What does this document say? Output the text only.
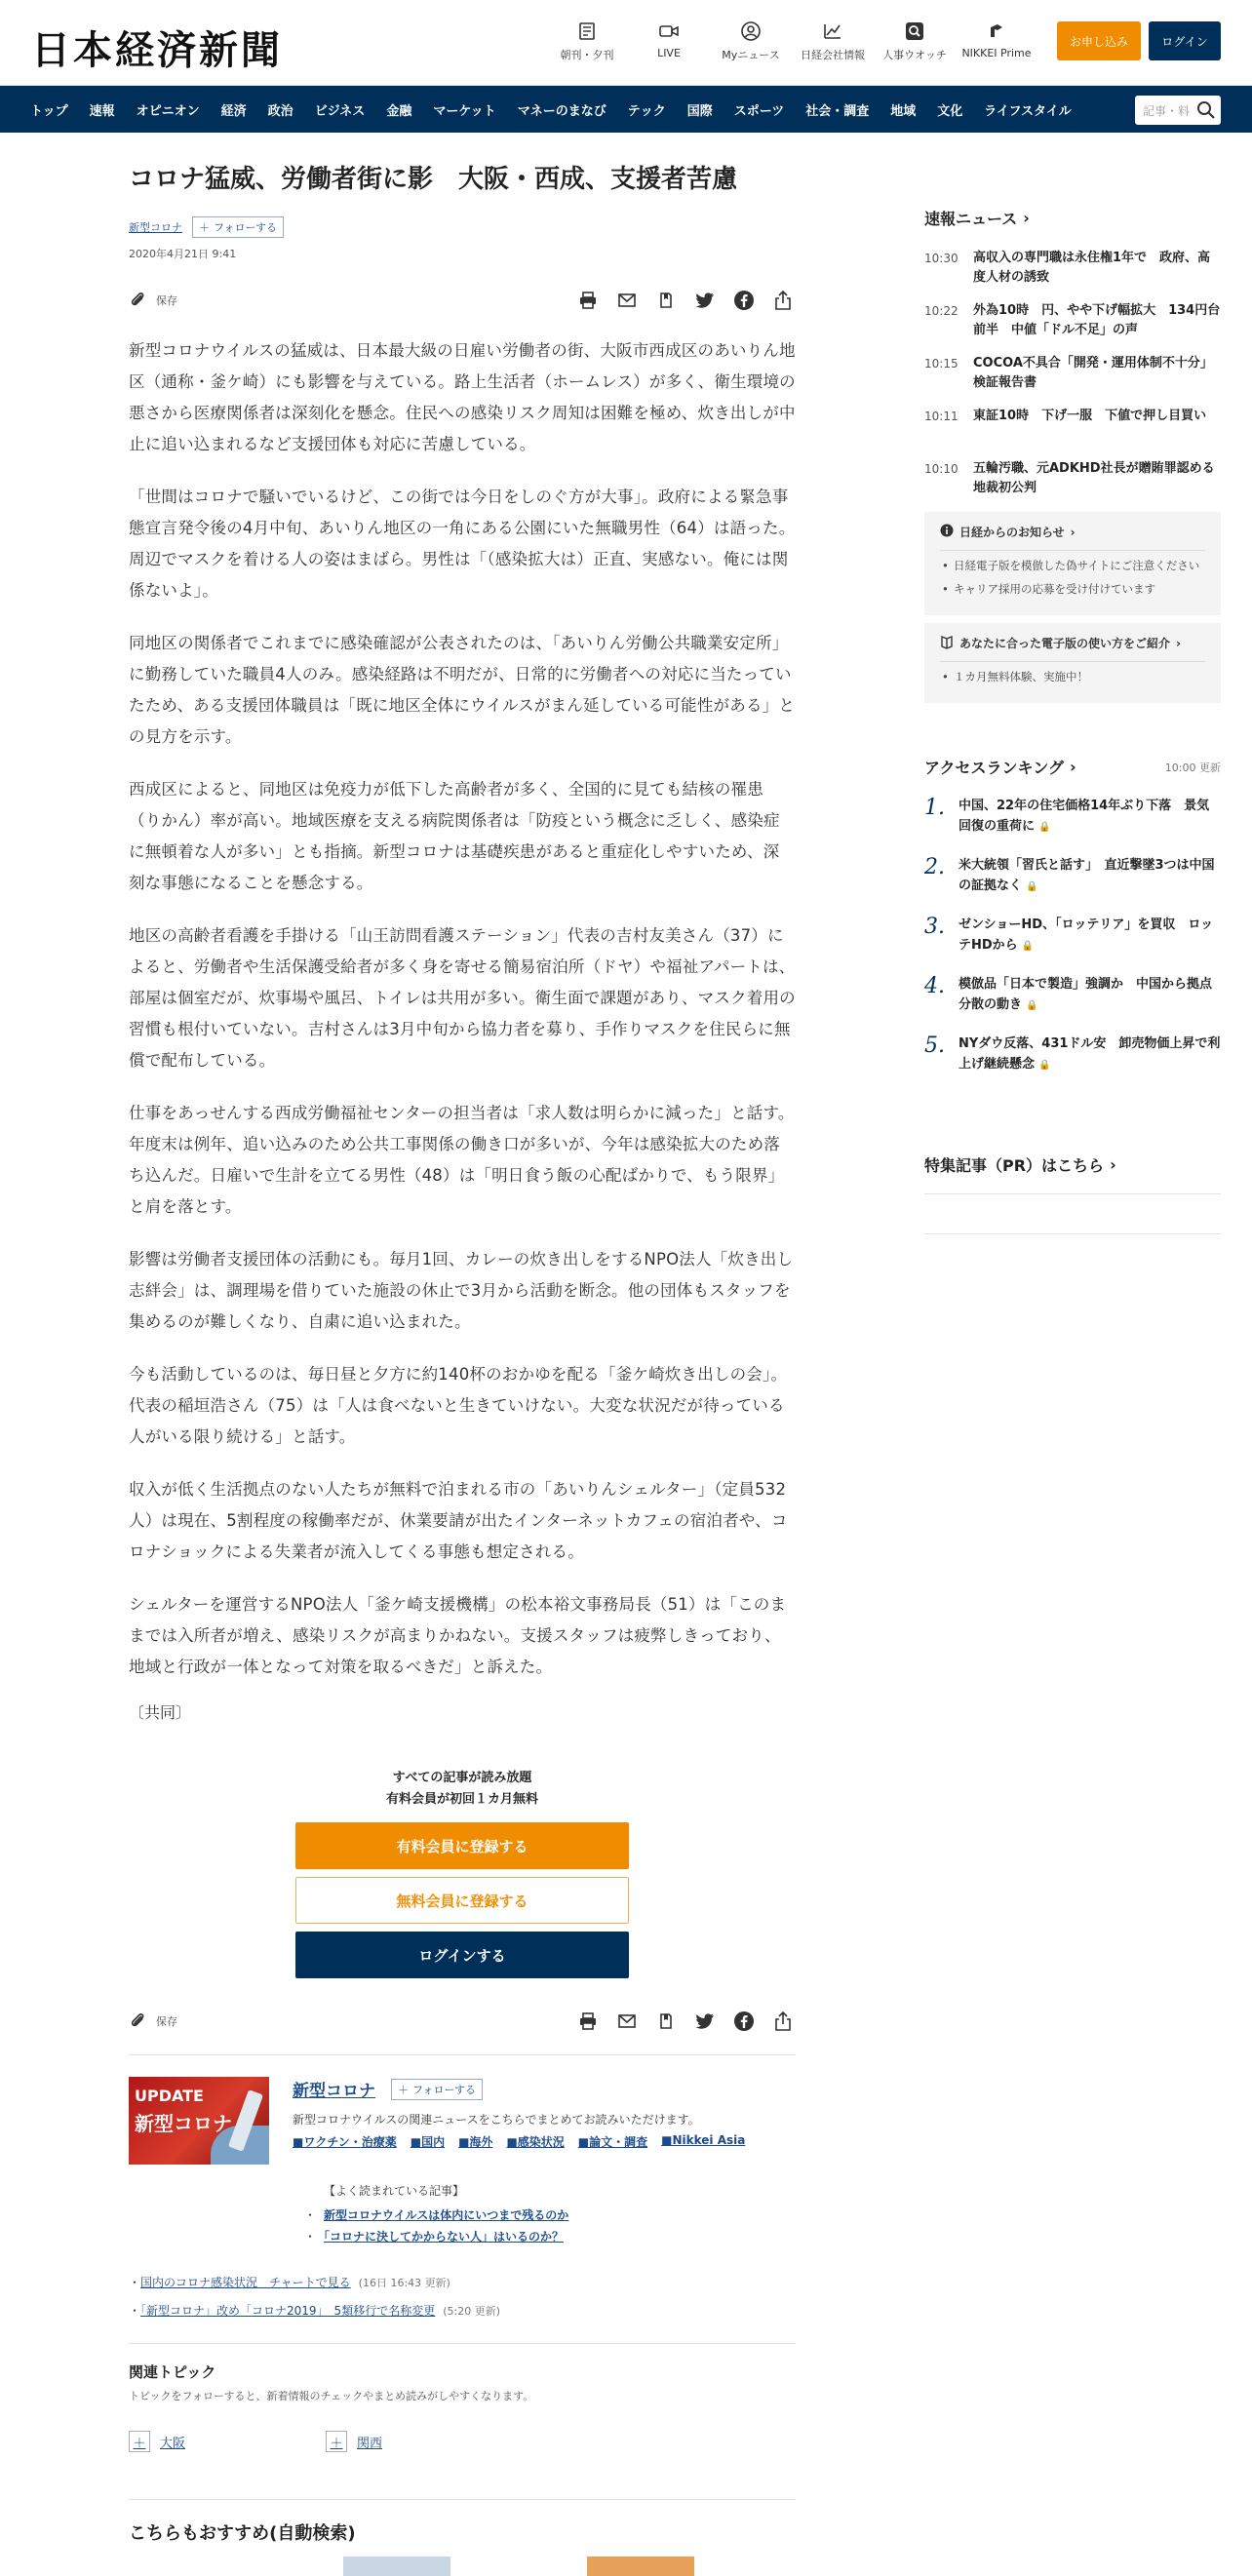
日本経済新聞	朝刊・夕刊	LIVE	Myニュース 日経会社情報 人事ウオッチ NIKKEI Prime
お申し込み	ログイン
トップ	速報	オピニオン	経済	政治	ビジネス	金融	マーケット	マネーのまなび	テック	国際	スポーツ	社会・調査	地域	文化	ライフスタイル	記事・料
コロナ猛威、労働者街に影　大阪・西成、支援者苦慮
新型コロナ ＋ フォローする
2020年4月21日 9:41
保存

新型コロナウイルスの猛威は、日本最大級の日雇い労働者の街、大阪市西成区のあいりん地区（通称・釜ケ崎）にも影響を与えている。路上生活者（ホームレス）が多く、衛生環境の悪さから医療関係者は深刻化を懸念。住民への感染リスク周知は困難を極め、炊き出しが中止に追い込まれるなど支援団体も対応に苦慮している。

「世間はコロナで騒いでいるけど、この街では今日をしのぐ方が大事」。政府による緊急事態宣言発令後の4月中旬、あいりん地区の一角にある公園にいた無職男性（64）は語った。周辺でマスクを着ける人の姿はまばら。男性は「（感染拡大は）正直、実感ない。俺には関係ないよ」。

同地区の関係者でこれまでに感染確認が公表されたのは、「あいりん労働公共職業安定所」に勤務していた職員4人のみ。感染経路は不明だが、日常的に労働者への対応に当たっていたため、ある支援団体職員は「既に地区全体にウイルスがまん延している可能性がある」との見方を示す。

西成区によると、同地区は免疫力が低下した高齢者が多く、全国的に見ても結核の罹患（りかん）率が高い。地域医療を支える病院関係者は「防疫という概念に乏しく、感染症に無頓着な人が多い」とも指摘。新型コロナは基礎疾患があると重症化しやすいため、深刻な事態になることを懸念する。

地区の高齢者看護を手掛ける「山王訪問看護ステーション」代表の吉村友美さん（37）によると、労働者や生活保護受給者が多く身を寄せる簡易宿泊所（ドヤ）や福祉アパートは、部屋は個室だが、炊事場や風呂、トイレは共用が多い。衛生面で課題があり、マスク着用の習慣も根付いていない。吉村さんは3月中旬から協力者を募り、手作りマスクを住民らに無償で配布している。

仕事をあっせんする西成労働福祉センターの担当者は「求人数は明らかに減った」と話す。年度末は例年、追い込みのため公共工事関係の働き口が多いが、今年は感染拡大のため落ち込んだ。日雇いで生計を立てる男性（48）は「明日食う飯の心配ばかりで、もう限界」と肩を落とす。

影響は労働者支援団体の活動にも。毎月1回、カレーの炊き出しをするNPO法人「炊き出し志絆会」は、調理場を借りていた施設の休止で3月から活動を断念。他の団体もスタッフを集めるのが難しくなり、自粛に追い込まれた。

今も活動しているのは、毎日昼と夕方に約140杯のおかゆを配る「釜ケ崎炊き出しの会」。代表の稲垣浩さん（75）は「人は食べないと生きていけない。大変な状況だが待っている人がいる限り続ける」と話す。

収入が低く生活拠点のない人たちが無料で泊まれる市の「あいりんシェルター」（定員532人）は現在、5割程度の稼働率だが、休業要請が出たインターネットカフェの宿泊者や、コロナショックによる失業者が流入してくる事態も想定される。

シェルターを運営するNPO法人「釜ケ崎支援機構」の松本裕文事務局長（51）は「このままでは入所者が増え、感染リスクが高まりかねない。支援スタッフは疲弊しきっており、地域と行政が一体となって対策を取るべきだ」と訴えた。

〔共同〕

すべての記事が読み放題
有料会員が初回１カ月無料
有料会員に登録する
無料会員に登録する
ログインする
保存
UPDATE
新型コロナ
新型コロナ ＋ フォローする
新型コロナウイルスの関連ニュースをこちらでまとめてお読みいただけます。
■ワクチン・治療薬 ■国内 ■海外 ■感染状況 ■論文・調査 ■Nikkei Asia
【よく読まれている記事】
・ 新型コロナウイルスは体内にいつまで残るのか
・ 「コロナに決してかからない人」はいるのか？
・国内のコロナ感染状況　チャートで見る (16日 16:43 更新)
・「新型コロナ」改め「コロナ2019」　5類移行で名称変更 (5:20 更新)
関連トピック
トピックをフォローすると、新着情報のチェックやまとめ読みがしやすくなります。
＋	大阪	＋	関西
こちらもおすすめ(自動検索)
速報ニュース ›
10:30 高収入の専門職は永住権1年で　政府、高度人材の誘致
10:22 外為10時　円、やや下げ幅拡大　134円台前半　中値「ドル不足」の声
10:15 COCOA不具合「開発・運用体制不十分」　検証報告書
10:11 東証10時　下げ一服　下値で押し目買い
10:10 五輪汚職、元ADKHD社長が贈賄罪認める　地裁初公判
日経からのお知らせ ›
• 日経電子版を模倣した偽サイトにご注意ください
• キャリア採用の応募を受け付けています
あなたに合った電子版の使い方をご紹介 ›
• １カ月無料体験、実施中！
アクセスランキング ›	10:00 更新
1. 中国、22年の住宅価格14年ぶり下落　景気回復の重荷に 🔒
2. 米大統領「習氏と話す」　直近撃墜3つは中国の証拠なく 🔒
3. ゼンショーHD、「ロッテリア」を買収　ロッテHDから 🔒
4. 模倣品「日本で製造」強調か　中国から拠点分散の動き 🔒
5. NYダウ反落、431ドル安　卸売物価上昇で利上げ継続懸念 🔒
特集記事（PR）はこちら ›
